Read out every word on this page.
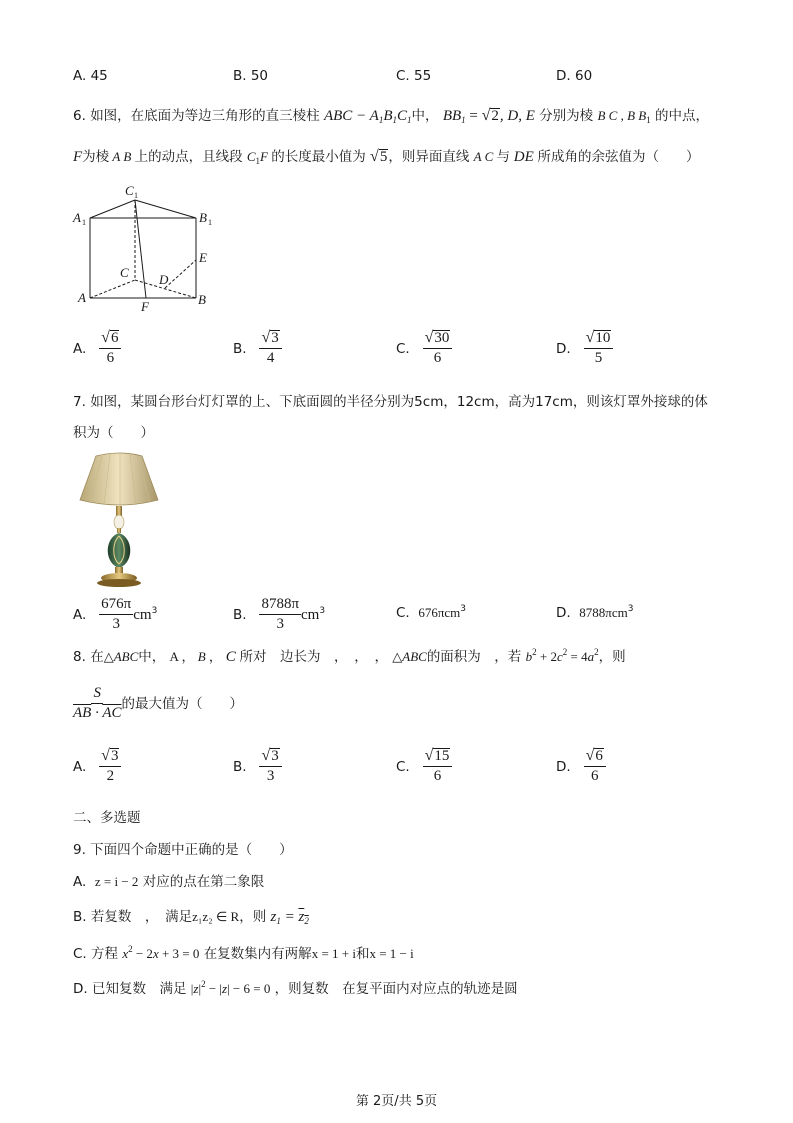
A. 45	B. 50	C. 55	D. 60
6. 如图，在底面为等边三角形的直三棱柱 ABC − $A_1B_1C_1$中， $BB_1$ = √ 2 , D, E 分别为棱 B C , B $B_1$ 的中点，
F为棱 A B 上的动点，且线段 $C_1F$ 的长度最小值为 √ 5 ，则异面直线 A C 与 DE 所成角的余弦值为（　　）
C 1
A 1	B 1
E
C D
A
F	B
A. $\frac{√ 6}{6}$	B. $\frac{√ 3}{4}$	C. $\frac{√ 30}{6}$	D. $\frac{√ 10}{5}$
7. 如图，某圆台形台灯灯罩的上、下底面圆的半径分别为5cm，12cm，高为17cm，则该灯罩外接球的体
积为（　　）
A. $\frac{676\pi}{3} cm^3$	B. $\frac{8788\pi}{3} cm^3$	C. 676πcm$^3$	D. 8788πcm$^3$
8. 在△ABC中， A ， B ， C 所对　边长为　，　，　， △ABC的面积为　，若 $b^2 + 2c^2 = 4a^2$，则
$\frac{S}{\overline{AB} \cdot \overline{AC}}$ 的最大值为（　　）
A. $\frac{√ 3}{2}$	B. $\frac{√ 3}{3}$	C. $\frac{√ 15}{6}$	D. $\frac{√ 6}{6}$
二、多选题
9. 下面四个命题中正确的是（　　）
A. z = i − 2 对应的点在第二象限
B. 若复数　，　满足z₁z₂ ∈ R，则 $z_1 = z_2$
C. 方程 $x^2 - 2x + 3 = 0$ 在复数集内有两解x = 1 + i和x = 1 − i
D. 已知复数　满足 $|z|^2 - |z| - 6 = 0$ ，则复数　在复平面内对应点的轨迹是圆
第 2页/共 5页
